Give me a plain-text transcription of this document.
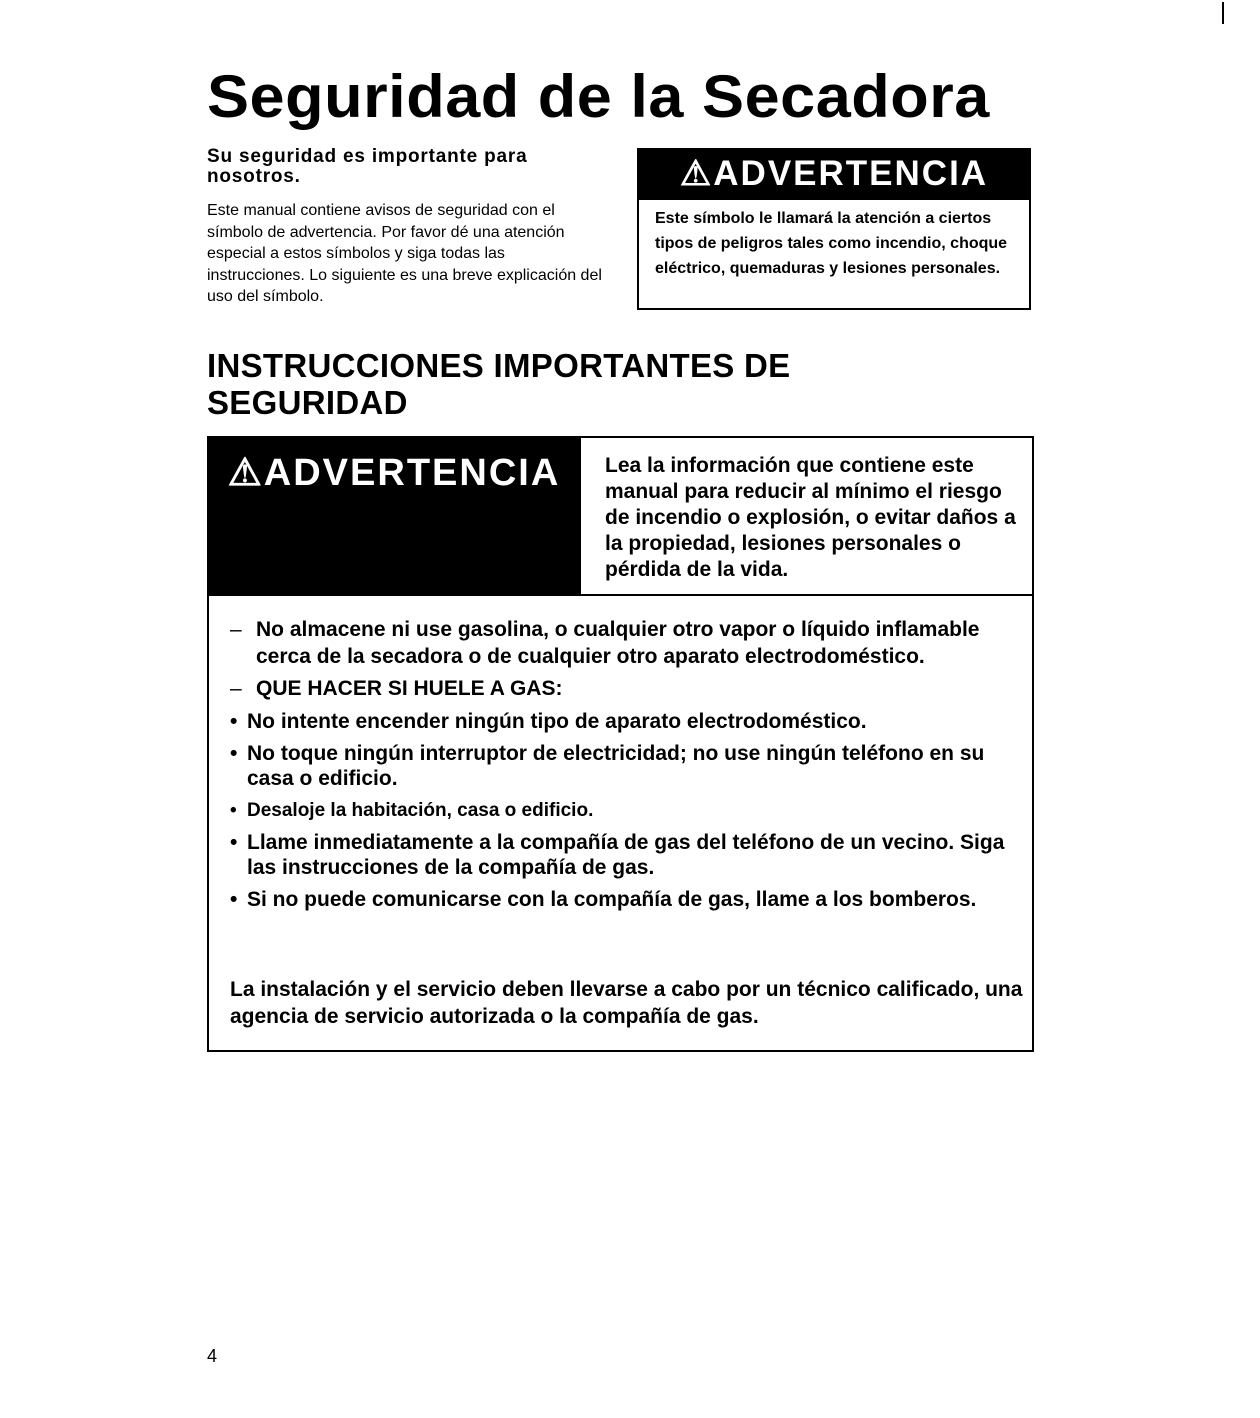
Seguridad de la Secadora
Su seguridad es importante para nosotros.

Este manual contiene avisos de seguridad con el símbolo de advertencia. Por favor dé una atención especial a estos símbolos y siga todas las instrucciones. Lo siguiente es una breve explicación del uso del símbolo.

⚠ADVERTENCIA

Este símbolo le llamará la atención a ciertos tipos de peligros tales como incendio, choque eléctrico, quemaduras y lesiones personales.

INSTRUCCIONES IMPORTANTES DE SEGURIDAD
⚠ADVERTENCIA	Lea la información que contiene este manual para reducir al mínimo el riesgo de incendio o explosión, o evitar daños a la propiedad, lesiones personales o pérdida de la vida.

– No almacene ni use gasolina, o cualquier otro vapor o líquido inflamable cerca de la secadora o de cualquier otro aparato electrodoméstico.
– QUE HACER SI HUELE A GAS:
• No intente encender ningún tipo de aparato electrodoméstico.
• No toque ningún interruptor de electricidad; no use ningún teléfono en su casa o edificio.
• Desaloje la habitación, casa o edificio.
• Llame inmediatamente a la compañía de gas del teléfono de un vecino. Siga las instrucciones de la compañía de gas.
• Si no puede comunicarse con la compañía de gas, llame a los bomberos.

La instalación y el servicio deben llevarse a cabo por un técnico calificado, una agencia de servicio autorizada o la compañía de gas.

4
